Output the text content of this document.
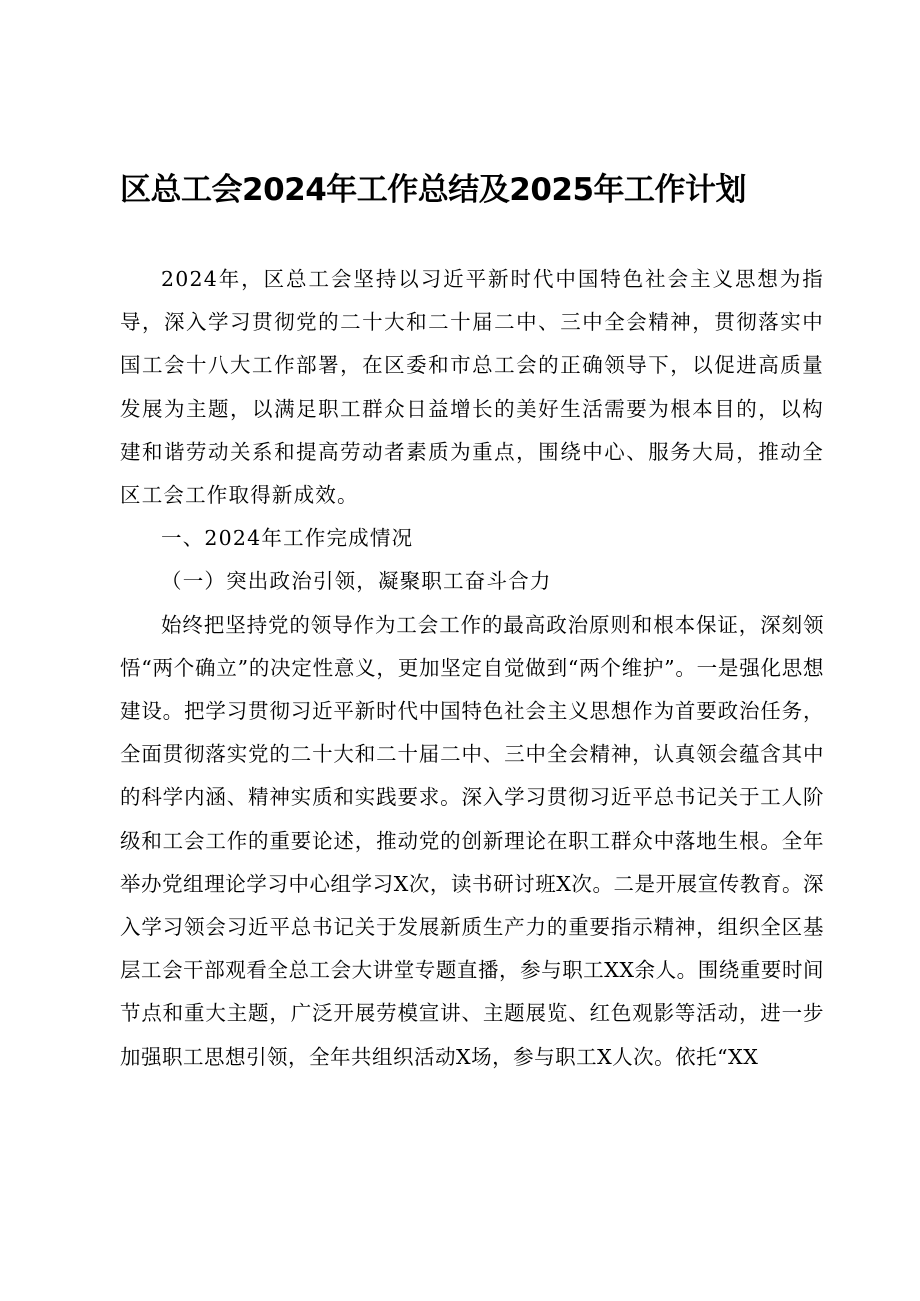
区总工会2024年工作总结及2025年工作计划

2024年，区总工会坚持以习近平新时代中国特色社会主义思想为指导，深入学习贯彻党的二十大和二十届二中、三中全会精神，贯彻落实中国工会十八大工作部署，在区委和市总工会的正确领导下，以促进高质量发展为主题，以满足职工群众日益增长的美好生活需要为根本目的，以构建和谐劳动关系和提高劳动者素质为重点，围绕中心、服务大局，推动全区工会工作取得新成效。

一、2024年工作完成情况

（一）突出政治引领，凝聚职工奋斗合力

始终把坚持党的领导作为工会工作的最高政治原则和根本保证，深刻领悟“两个确立”的决定性意义，更加坚定自觉做到“两个维护”。一是强化思想建设。把学习贯彻习近平新时代中国特色社会主义思想作为首要政治任务，全面贯彻落实党的二十大和二十届二中、三中全会精神，认真领会蕴含其中的科学内涵、精神实质和实践要求。深入学习贯彻习近平总书记关于工人阶级和工会工作的重要论述，推动党的创新理论在职工群众中落地生根。全年举办党组理论学习中心组学习X次，读书研讨班X次。二是开展宣传教育。深入学习领会习近平总书记关于发展新质生产力的重要指示精神，组织全区基层工会干部观看全总工会大讲堂专题直播，参与职工XX余人。围绕重要时间节点和重大主题，广泛开展劳模宣讲、主题展览、红色观影等活动，进一步加强职工思想引领，全年共组织活动X场，参与职工X人次。依托“XX
